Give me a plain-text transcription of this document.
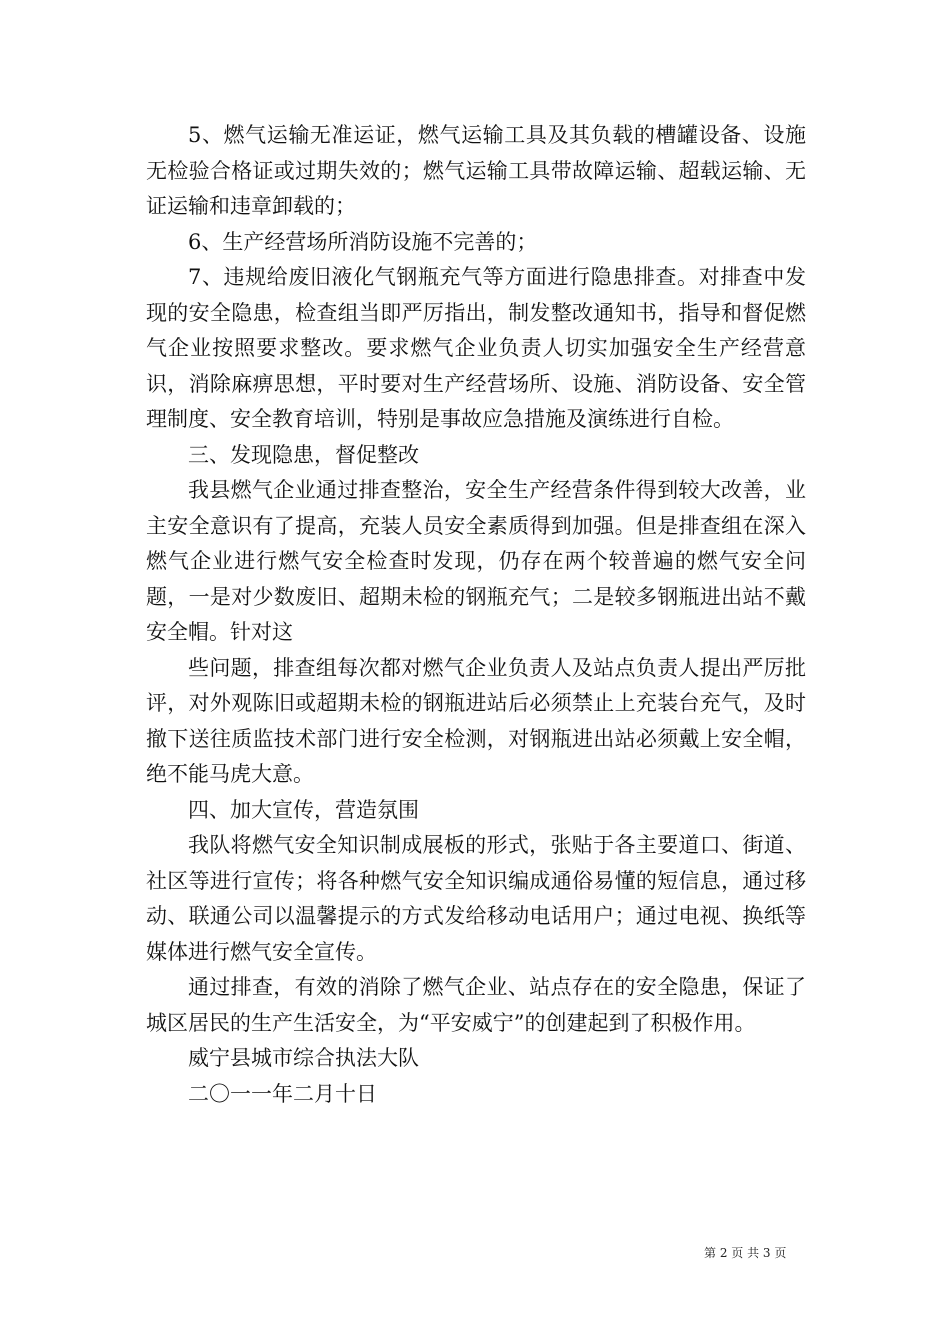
5、燃气运输无准运证，燃气运输工具及其负载的槽罐设备、设施无检验合格证或过期失效的；燃气运输工具带故障运输、超载运输、无证运输和违章卸载的；

6、生产经营场所消防设施不完善的；

7、违规给废旧液化气钢瓶充气等方面进行隐患排查。对排查中发现的安全隐患，检查组当即严厉指出，制发整改通知书，指导和督促燃气企业按照要求整改。要求燃气企业负责人切实加强安全生产经营意识，消除麻痹思想，平时要对生产经营场所、设施、消防设备、安全管理制度、安全教育培训，特别是事故应急措施及演练进行自检。

三、发现隐患，督促整改

我县燃气企业通过排查整治，安全生产经营条件得到较大改善，业主安全意识有了提高，充装人员安全素质得到加强。但是排查组在深入燃气企业进行燃气安全检查时发现，仍存在两个较普遍的燃气安全问题，一是对少数废旧、超期未检的钢瓶充气；二是较多钢瓶进出站不戴安全帽。针对这

些问题，排查组每次都对燃气企业负责人及站点负责人提出严厉批评，对外观陈旧或超期未检的钢瓶进站后必须禁止上充装台充气，及时撤下送往质监技术部门进行安全检测，对钢瓶进出站必须戴上安全帽，绝不能马虎大意。

四、加大宣传，营造氛围

我队将燃气安全知识制成展板的形式，张贴于各主要道口、街道、社区等进行宣传；将各种燃气安全知识编成通俗易懂的短信息，通过移动、联通公司以温馨提示的方式发给移动电话用户；通过电视、换纸等媒体进行燃气安全宣传。

通过排查，有效的消除了燃气企业、站点存在的安全隐患，保证了城区居民的生产生活安全，为“平安威宁”的创建起到了积极作用。

威宁县城市综合执法大队

二〇一一年二月十日

第 2 页 共 3 页
